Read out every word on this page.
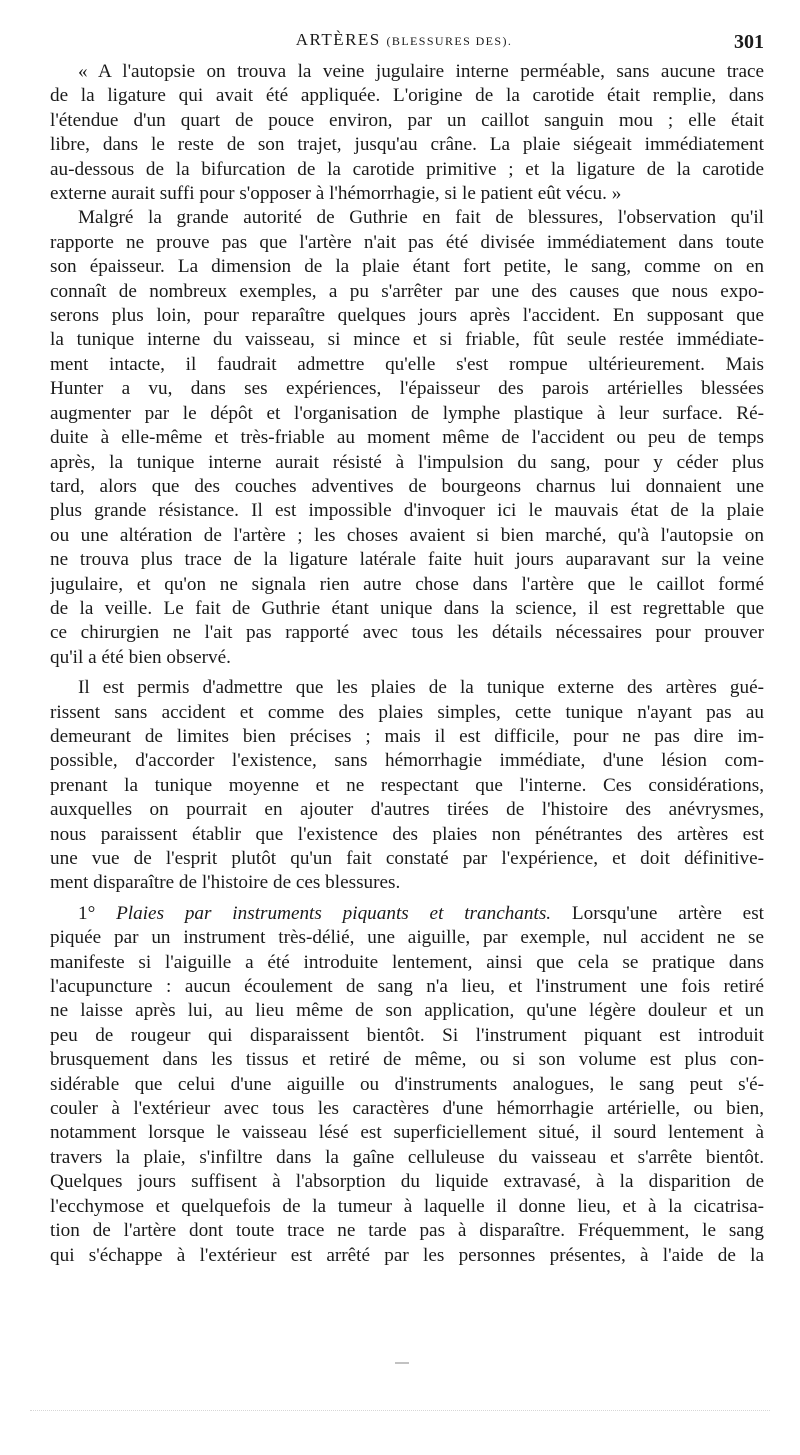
ARTÈRES (BLESSURES DES).	301

« A l'autopsie on trouva la veine jugulaire interne perméable, sans aucune trace
de la ligature qui avait été appliquée. L'origine de la carotide était remplie, dans
l'étendue d'un quart de pouce environ, par un caillot sanguin mou ; elle était
libre, dans le reste de son trajet, jusqu'au crâne. La plaie siégeait immédiatement
au-dessous de la bifurcation de la carotide primitive ; et la ligature de la carotide
externe aurait suffi pour s'opposer à l'hémorrhagie, si le patient eût vécu. »

Malgré la grande autorité de Guthrie en fait de blessures, l'observation qu'il
rapporte ne prouve pas que l'artère n'ait pas été divisée immédiatement dans toute
son épaisseur. La dimension de la plaie étant fort petite, le sang, comme on en
connaît de nombreux exemples, a pu s'arrêter par une des causes que nous expo-
serons plus loin, pour reparaître quelques jours après l'accident. En supposant que
la tunique interne du vaisseau, si mince et si friable, fût seule restée immédiate-
ment intacte, il faudrait admettre qu'elle s'est rompue ultérieurement. Mais
Hunter a vu, dans ses expériences, l'épaisseur des parois artérielles blessées
augmenter par le dépôt et l'organisation de lymphe plastique à leur surface. Ré-
duite à elle-même et très-friable au moment même de l'accident ou peu de temps
après, la tunique interne aurait résisté à l'impulsion du sang, pour y céder plus
tard, alors que des couches adventives de bourgeons charnus lui donnaient une
plus grande résistance. Il est impossible d'invoquer ici le mauvais état de la plaie
ou une altération de l'artère ; les choses avaient si bien marché, qu'à l'autopsie on
ne trouva plus trace de la ligature latérale faite huit jours auparavant sur la veine
jugulaire, et qu'on ne signala rien autre chose dans l'artère que le caillot formé
de la veille. Le fait de Guthrie étant unique dans la science, il est regrettable que
ce chirurgien ne l'ait pas rapporté avec tous les détails nécessaires pour prouver
qu'il a été bien observé.

Il est permis d'admettre que les plaies de la tunique externe des artères gué-
rissent sans accident et comme des plaies simples, cette tunique n'ayant pas au
demeurant de limites bien précises ; mais il est difficile, pour ne pas dire im-
possible, d'accorder l'existence, sans hémorrhagie immédiate, d'une lésion com-
prenant la tunique moyenne et ne respectant que l'interne. Ces considérations,
auxquelles on pourrait en ajouter d'autres tirées de l'histoire des anévrysmes,
nous paraissent établir que l'existence des plaies non pénétrantes des artères est
une vue de l'esprit plutôt qu'un fait constaté par l'expérience, et doit définitive-
ment disparaître de l'histoire de ces blessures.

1° Plaies par instruments piquants et tranchants. Lorsqu'une artère est
piquée par un instrument très-délié, une aiguille, par exemple, nul accident ne se
manifeste si l'aiguille a été introduite lentement, ainsi que cela se pratique dans
l'acupuncture : aucun écoulement de sang n'a lieu, et l'instrument une fois retiré
ne laisse après lui, au lieu même de son application, qu'une légère douleur et un
peu de rougeur qui disparaissent bientôt. Si l'instrument piquant est introduit
brusquement dans les tissus et retiré de même, ou si son volume est plus con-
sidérable que celui d'une aiguille ou d'instruments analogues, le sang peut s'é-
couler à l'extérieur avec tous les caractères d'une hémorrhagie artérielle, ou bien,
notamment lorsque le vaisseau lésé est superficiellement situé, il sourd lentement à
travers la plaie, s'infiltre dans la gaîne celluleuse du vaisseau et s'arrête bientôt.
Quelques jours suffisent à l'absorption du liquide extravasé, à la disparition de
l'ecchymose et quelquefois de la tumeur à laquelle il donne lieu, et à la cicatrisa-
tion de l'artère dont toute trace ne tarde pas à disparaître. Fréquemment, le sang
qui s'échappe à l'extérieur est arrêté par les personnes présentes, à l'aide de la
